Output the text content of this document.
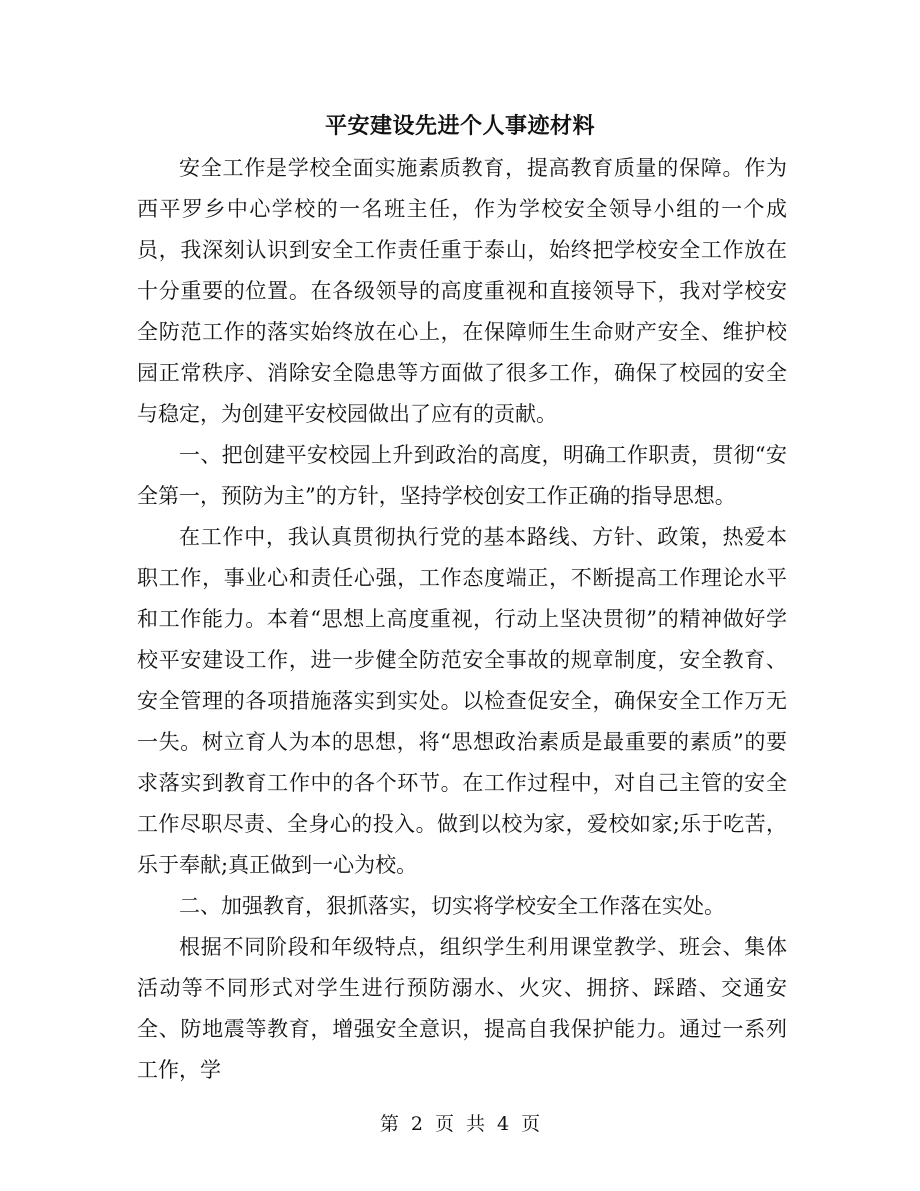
平安建设先进个人事迹材料

安全工作是学校全面实施素质教育，提高教育质量的保障。作为西平罗乡中心学校的一名班主任，作为学校安全领导小组的一个成员，我深刻认识到安全工作责任重于泰山，始终把学校安全工作放在十分重要的位置。在各级领导的高度重视和直接领导下，我对学校安全防范工作的落实始终放在心上，在保障师生生命财产安全、维护校园正常秩序、消除安全隐患等方面做了很多工作，确保了校园的安全与稳定，为创建平安校园做出了应有的贡献。

一、把创建平安校园上升到政治的高度，明确工作职责，贯彻“安全第一，预防为主”的方针，坚持学校创安工作正确的指导思想。

在工作中，我认真贯彻执行党的基本路线、方针、政策，热爱本职工作，事业心和责任心强，工作态度端正，不断提高工作理论水平和工作能力。本着“思想上高度重视，行动上坚决贯彻”的精神做好学校平安建设工作，进一步健全防范安全事故的规章制度，安全教育、安全管理的各项措施落实到实处。以检查促安全，确保安全工作万无一失。树立育人为本的思想，将“思想政治素质是最重要的素质”的要求落实到教育工作中的各个环节。在工作过程中，对自己主管的安全工作尽职尽责、全身心的投入。做到以校为家，爱校如家;乐于吃苦，乐于奉献;真正做到一心为校。

二、加强教育，狠抓落实，切实将学校安全工作落在实处。

根据不同阶段和年级特点，组织学生利用课堂教学、班会、集体活动等不同形式对学生进行预防溺水、火灾、拥挤、踩踏、交通安全、防地震等教育，增强安全意识，提高自我保护能力。通过一系列工作，学

第 2 页 共 4 页
